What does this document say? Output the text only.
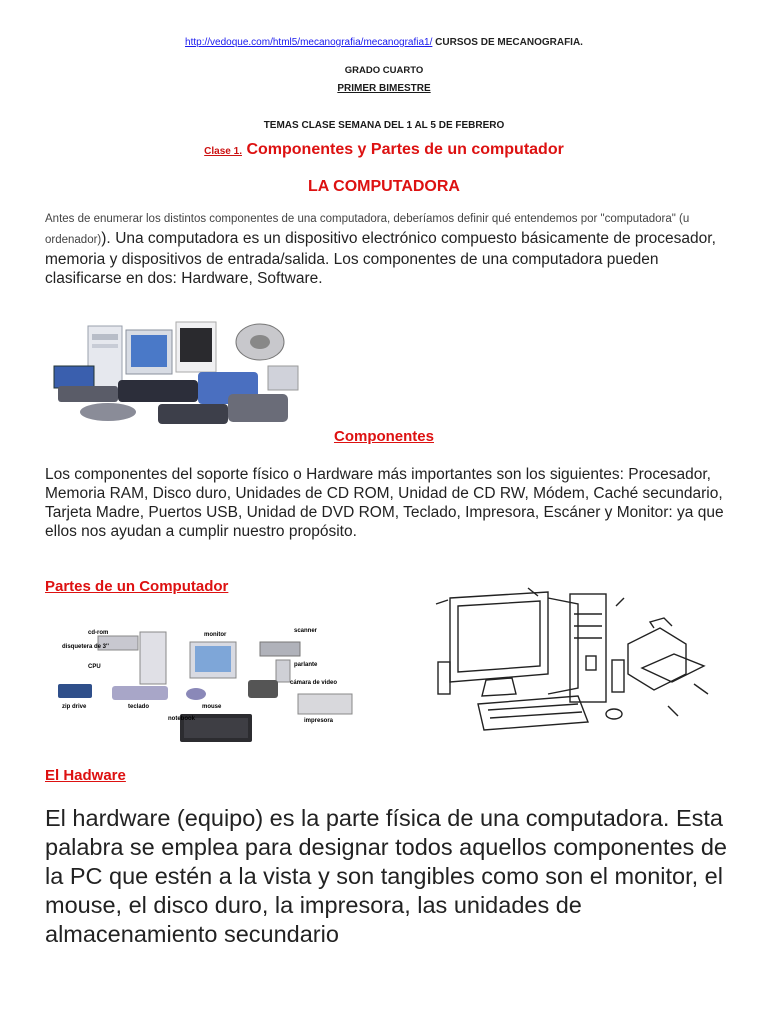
http://vedoque.com/html5/mecanografia/mecanografia1/ CURSOS DE MECANOGRAFIA.
GRADO CUARTO
PRIMER BIMESTRE
TEMAS CLASE SEMANA DEL 1 AL 5 DE FEBRERO
Clase 1. Componentes y Partes de un computador
LA COMPUTADORA
Antes de enumerar los distintos componentes de una computadora, deberíamos definir qué entendemos por "computadora" (u ordenador)). Una computadora es un dispositivo electrónico compuesto básicamente de procesador, memoria y dispositivos de entrada/salida. Los componentes de una computadora pueden clasificarse en dos: Hardware, Software.
Componentes
Los componentes del soporte físico o Hardware más importantes son los siguientes: Procesador, Memoria RAM, Disco duro, Unidades de CD ROM, Unidad de CD RW, Módem, Caché secundario, Tarjeta Madre, Puertos USB, Unidad de DVD ROM, Teclado, Impresora, Escáner y Monitor: ya que ellos nos ayudan a cumplir nuestro propósito.
Partes de un Computador
cd-rom
disquetera de 3''
CPU
monitor
scanner
parlante
cámara de video
zip drive	teclado	mouse
impresora
notebook
El Hadware
El hardware (equipo) es la parte física de una computadora. Esta palabra se emplea para designar todos aquellos componentes de la PC que estén a la vista y son tangibles como son el monitor, el mouse, el disco duro, la impresora, las unidades de almacenamiento secundario
